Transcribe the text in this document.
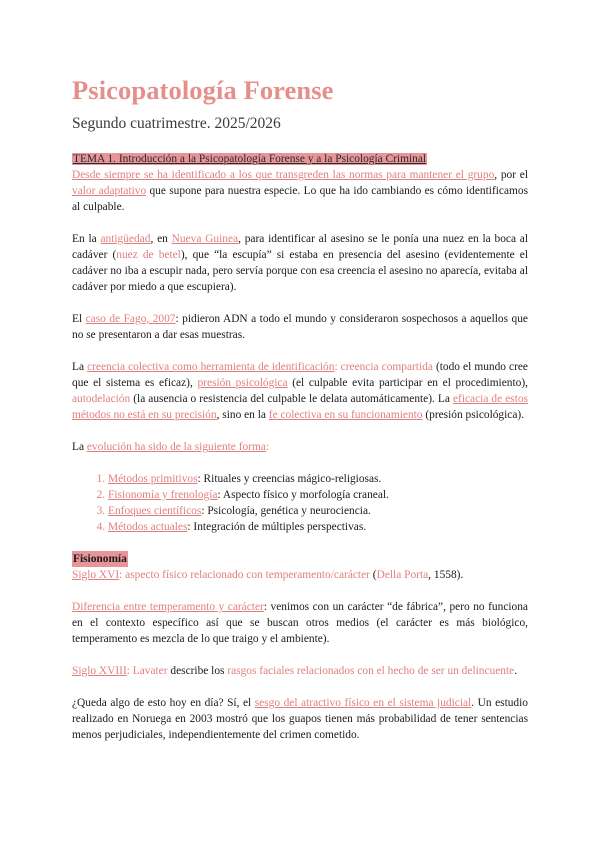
Psicopatología Forense
Segundo cuatrimestre. 2025/2026
TEMA 1. Introducción a la Psicopatología Forense y a la Psicología Criminal

Desde siempre se ha identificado a los que transgreden las normas para mantener el grupo, por el valor adaptativo que supone para nuestra especie. Lo que ha ido cambiando es cómo identificamos al culpable.

En la antigüedad, en Nueva Guinea, para identificar al asesino se le ponía una nuez en la boca al cadáver (nuez de betel), que “la escupía” si estaba en presencia del asesino (evidentemente el cadáver no iba a escupir nada, pero servía porque con esa creencia el asesino no aparecía, evitaba al cadáver por miedo a que escupiera).

El caso de Fago, 2007: pidieron ADN a todo el mundo y consideraron sospechosos a aquellos que no se presentaron a dar esas muestras.

La creencia colectiva como herramienta de identificación: creencia compartida (todo el mundo cree que el sistema es eficaz), presión psicológica (el culpable evita participar en el procedimiento), autodelación (la ausencia o resistencia del culpable le delata automáticamente). La eficacia de estos métodos no está en su precisión, sino en la fe colectiva en su funcionamiento (presión psicológica).

La evolución ha sido de la siguiente forma:

1. Métodos primitivos: Rituales y creencias mágico-religiosas.
2. Fisionomía y frenología: Aspecto físico y morfología craneal.
3. Enfoques científicos: Psicología, genética y neurociencia.
4. Métodos actuales: Integración de múltiples perspectivas.
Fisionomía

Siglo XVI: aspecto físico relacionado con temperamento/carácter (Della Porta, 1558).

Diferencia entre temperamento y carácter: venimos con un carácter “de fábrica”, pero no funciona en el contexto específico así que se buscan otros medios (el carácter es más biológico, temperamento es mezcla de lo que traigo y el ambiente).

Siglo XVIII: Lavater describe los rasgos faciales relacionados con el hecho de ser un delincuente.

¿Queda algo de esto hoy en día? Sí, el sesgo del atractivo físico en el sistema judicial. Un estudio realizado en Noruega en 2003 mostró que los guapos tienen más probabilidad de tener sentencias menos perjudiciales, independientemente del crimen cometido.
